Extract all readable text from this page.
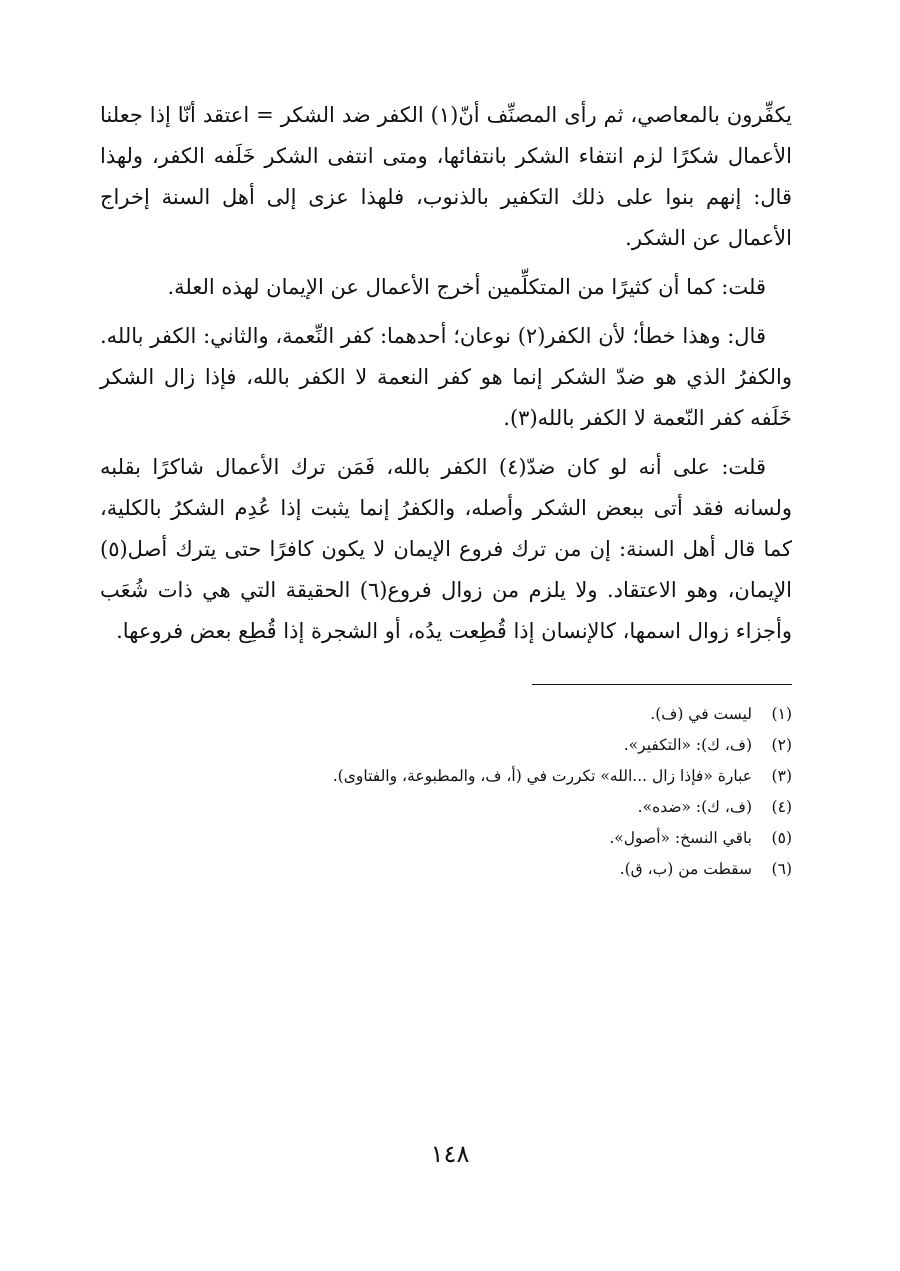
يكفِّرون بالمعاصي، ثم رأى المصنِّف أنّ(١) الكفر ضد الشكر = اعتقد أنّا إذا جعلنا الأعمال شكرًا لزم انتفاء الشكر بانتفائها، ومتى انتفى الشكر خَلَفه الكفر، ولهذا قال: إنهم بنوا على ذلك التكفير بالذنوب، فلهذا عزى إلى أهل السنة إخراج الأعمال عن الشكر.

قلت: كما أن كثيرًا من المتكلِّمين أخرج الأعمال عن الإيمان لهذه العلة.

قال: وهذا خطأ؛ لأن الكفر(٢) نوعان؛ أحدهما: كفر النِّعمة، والثاني: الكفر بالله. والكفرُ الذي هو ضدّ الشكر إنما هو كفر النعمة لا الكفر بالله، فإذا زال الشكر خَلَفه كفر النّعمة لا الكفر بالله(٣).

قلت: على أنه لو كان ضدّ(٤) الكفر بالله، فَمَن ترك الأعمال شاكرًا بقلبه ولسانه فقد أتى ببعض الشكر وأصله، والكفرُ إنما يثبت إذا عُدِم الشكرُ بالكلية، كما قال أهل السنة: إن من ترك فروع الإيمان لا يكون كافرًا حتى يترك أصل(٥) الإيمان، وهو الاعتقاد. ولا يلزم من زوال فروع(٦) الحقيقة التي هي ذات شُعَب وأجزاء زوال اسمها، كالإنسان إذا قُطِعت يدُه، أو الشجرة إذا قُطِع بعض فروعها.

(١)
ليست في (ف).
(٢)
(ف، ك): «التكفير».
(٣)
عبارة «فإذا زال ...الله» تكررت في (أ، ف، والمطبوعة، والفتاوى).
(٤)
(ف، ك): «ضده».
(٥)
باقي النسخ: «أصول».
(٦)
سقطت من (ب، ق).
١٤٨
